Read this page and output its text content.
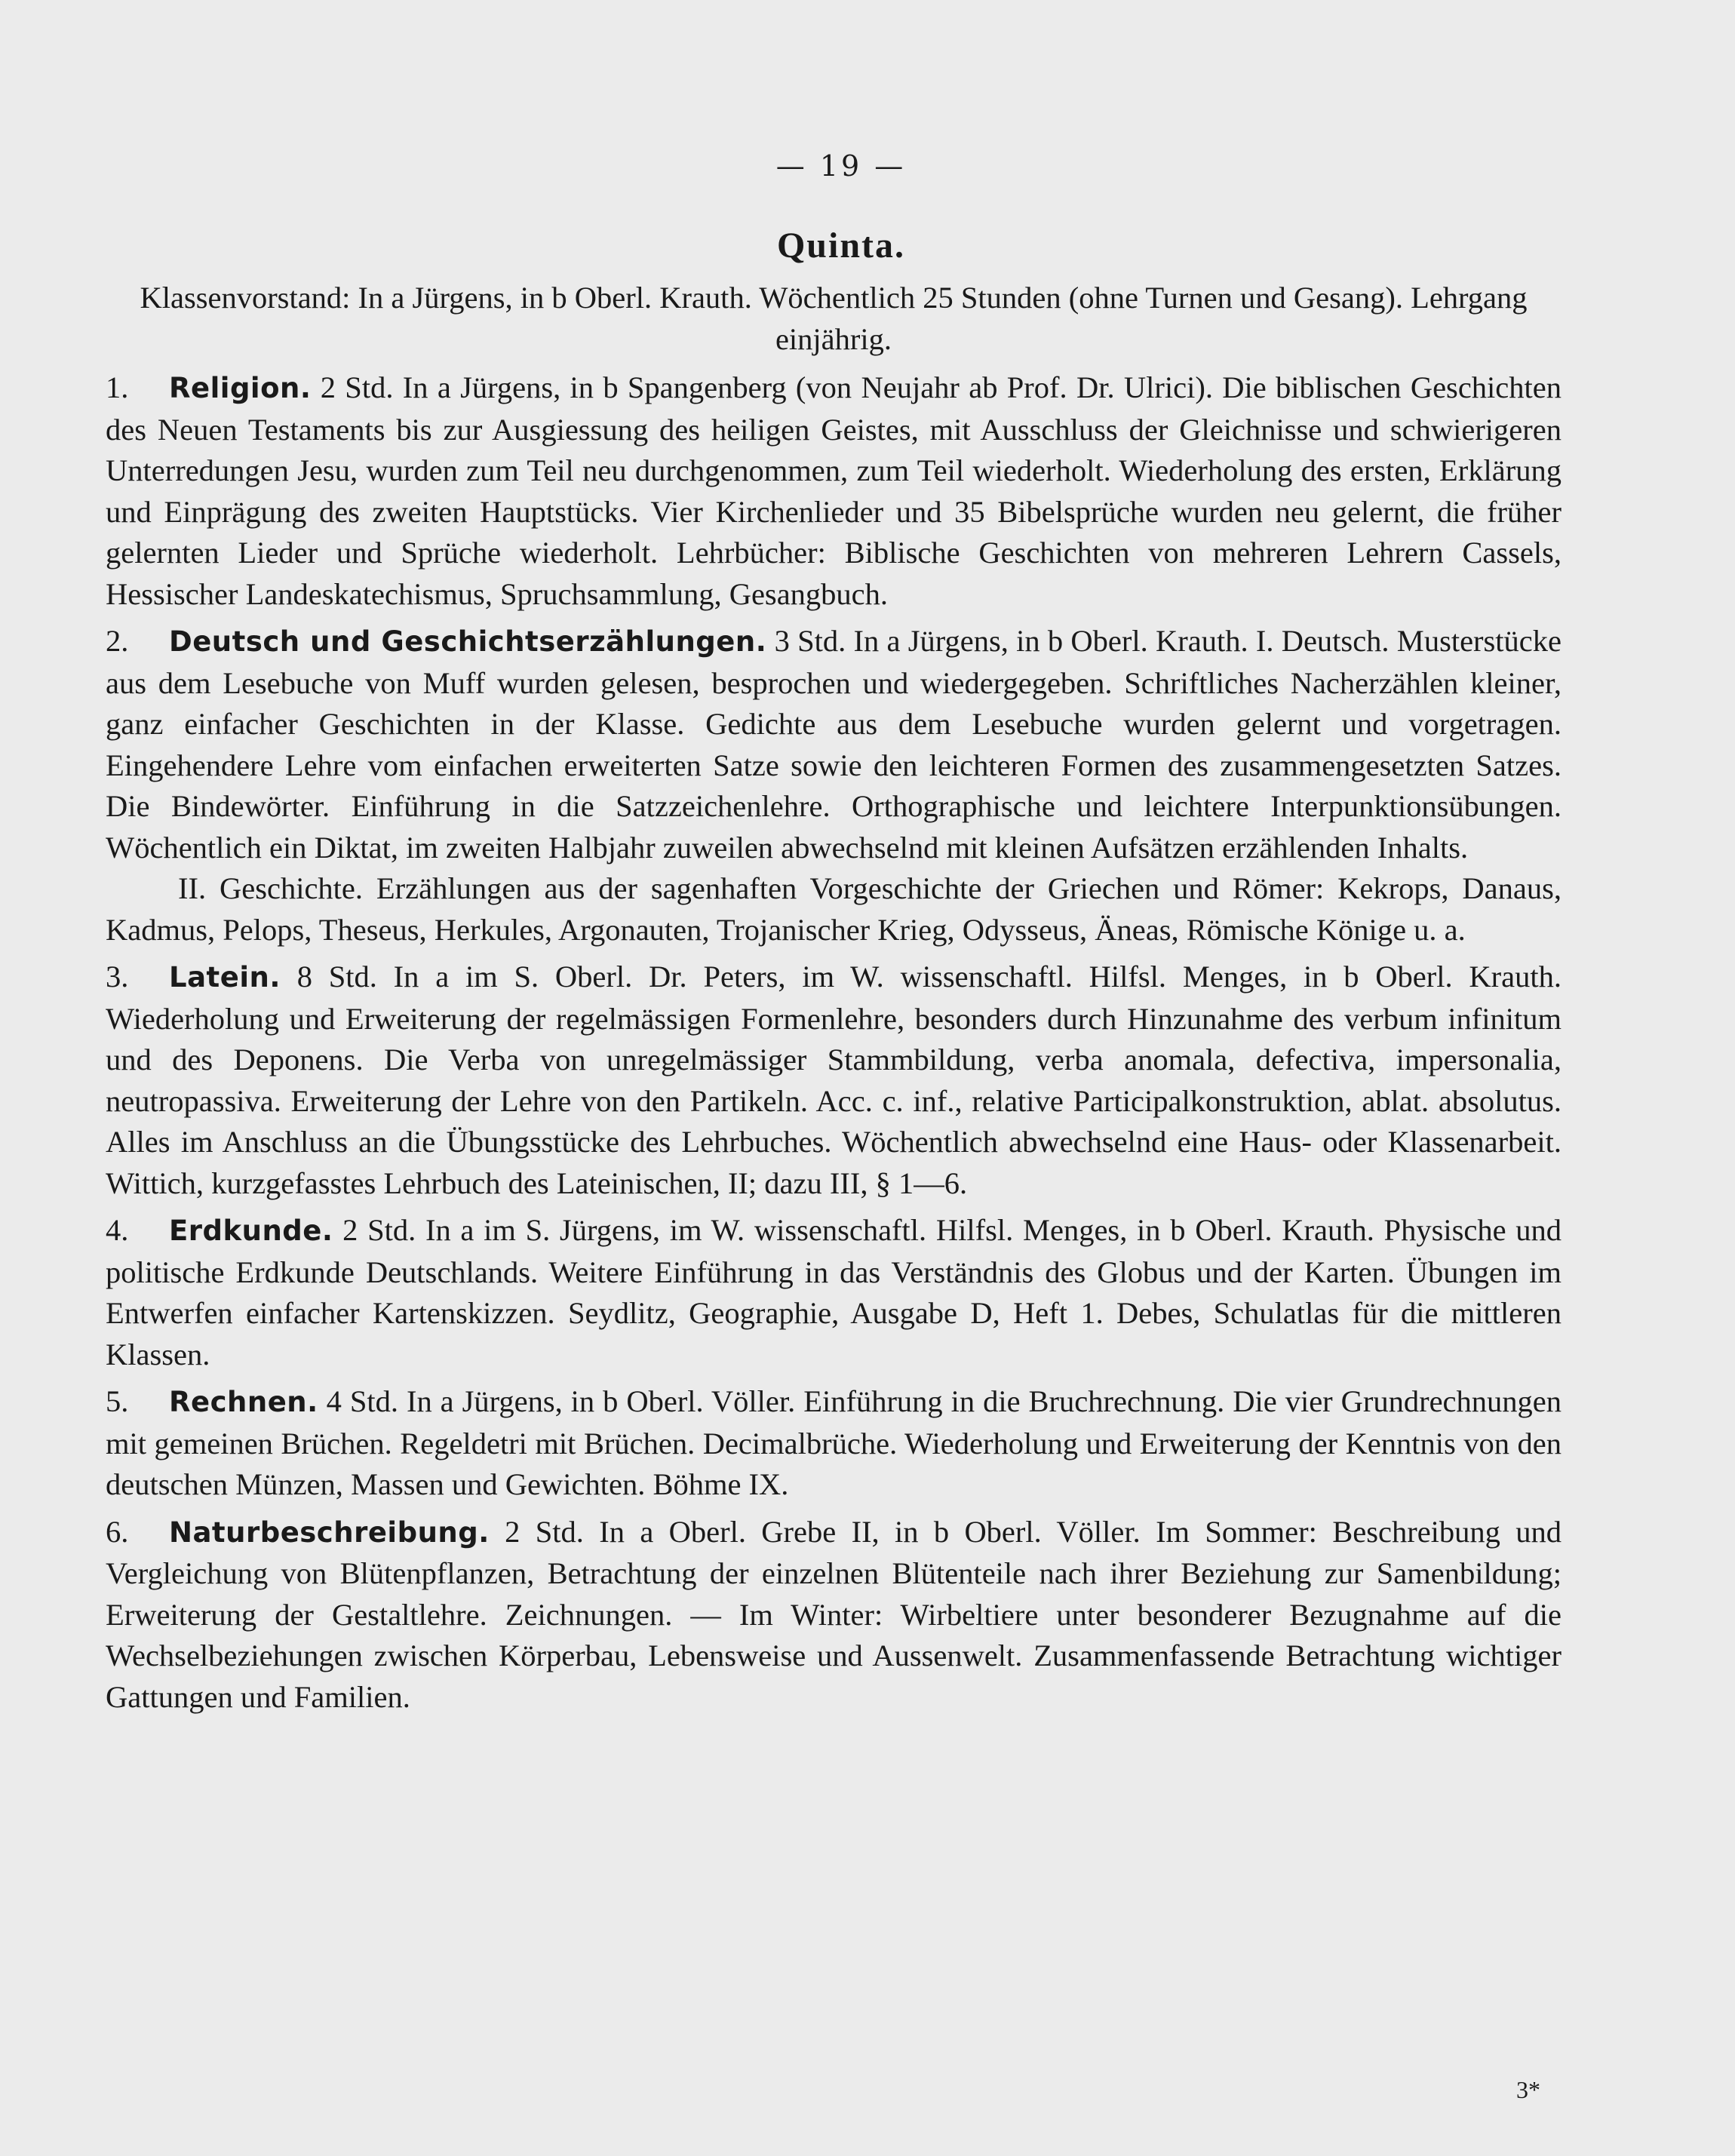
— 19 —
Quinta.

Klassenvorstand: In a Jürgens, in b Oberl. Krauth. Wöchentlich 25 Stunden (ohne Turnen und Gesang). Lehrgang einjährig.

1. Religion. 2 Std. In a Jürgens, in b Spangenberg (von Neujahr ab Prof. Dr. Ulrici). Die biblischen Geschichten des Neuen Testaments bis zur Ausgiessung des heiligen Geistes, mit Ausschluss der Gleichnisse und schwierigeren Unterredungen Jesu, wurden zum Teil neu durchgenommen, zum Teil wiederholt. Wiederholung des ersten, Erklärung und Einprägung des zweiten Hauptstücks. Vier Kirchenlieder und 35 Bibelsprüche wurden neu gelernt, die früher gelernten Lieder und Sprüche wiederholt. Lehrbücher: Biblische Geschichten von mehreren Lehrern Cassels, Hessischer Landeskatechismus, Spruchsammlung, Gesangbuch.

2. Deutsch und Geschichtserzählungen. 3 Std. In a Jürgens, in b Oberl. Krauth. I. Deutsch. Musterstücke aus dem Lesebuche von Muff wurden gelesen, besprochen und wiedergegeben. Schriftliches Nacherzählen kleiner, ganz einfacher Geschichten in der Klasse. Gedichte aus dem Lesebuche wurden gelernt und vorgetragen. Eingehendere Lehre vom einfachen erweiterten Satze sowie den leichteren Formen des zusammengesetzten Satzes. Die Bindewörter. Einführung in die Satzzeichenlehre. Orthographische und leichtere Interpunktionsübungen. Wöchentlich ein Diktat, im zweiten Halbjahr zuweilen abwechselnd mit kleinen Aufsätzen erzählenden Inhalts.

II. Geschichte. Erzählungen aus der sagenhaften Vorgeschichte der Griechen und Römer: Kekrops, Danaus, Kadmus, Pelops, Theseus, Herkules, Argonauten, Trojanischer Krieg, Odysseus, Äneas, Römische Könige u. a.

3. Latein. 8 Std. In a im S. Oberl. Dr. Peters, im W. wissenschaftl. Hilfsl. Menges, in b Oberl. Krauth. Wiederholung und Erweiterung der regelmässigen Formenlehre, besonders durch Hinzunahme des verbum infinitum und des Deponens. Die Verba von unregelmässiger Stammbildung, verba anomala, defectiva, impersonalia, neutropassiva. Erweiterung der Lehre von den Partikeln. Acc. c. inf., relative Participalkonstruktion, ablat. absolutus. Alles im Anschluss an die Übungsstücke des Lehrbuches. Wöchentlich abwechselnd eine Haus- oder Klassenarbeit. Wittich, kurzgefasstes Lehrbuch des Lateinischen, II; dazu III, § 1—6.

4. Erdkunde. 2 Std. In a im S. Jürgens, im W. wissenschaftl. Hilfsl. Menges, in b Oberl. Krauth. Physische und politische Erdkunde Deutschlands. Weitere Einführung in das Verständnis des Globus und der Karten. Übungen im Entwerfen einfacher Kartenskizzen. Seydlitz, Geographie, Ausgabe D, Heft 1. Debes, Schulatlas für die mittleren Klassen.

5. Rechnen. 4 Std. In a Jürgens, in b Oberl. Völler. Einführung in die Bruchrechnung. Die vier Grundrechnungen mit gemeinen Brüchen. Regeldetri mit Brüchen. Decimalbrüche. Wiederholung und Erweiterung der Kenntnis von den deutschen Münzen, Massen und Gewichten. Böhme IX.

6. Naturbeschreibung. 2 Std. In a Oberl. Grebe II, in b Oberl. Völler. Im Sommer: Beschreibung und Vergleichung von Blütenpflanzen, Betrachtung der einzelnen Blütenteile nach ihrer Beziehung zur Samenbildung; Erweiterung der Gestaltlehre. Zeichnungen. — Im Winter: Wirbeltiere unter besonderer Bezugnahme auf die Wechselbeziehungen zwischen Körperbau, Lebensweise und Aussenwelt. Zusammenfassende Betrachtung wichtiger Gattungen und Familien.

3*
